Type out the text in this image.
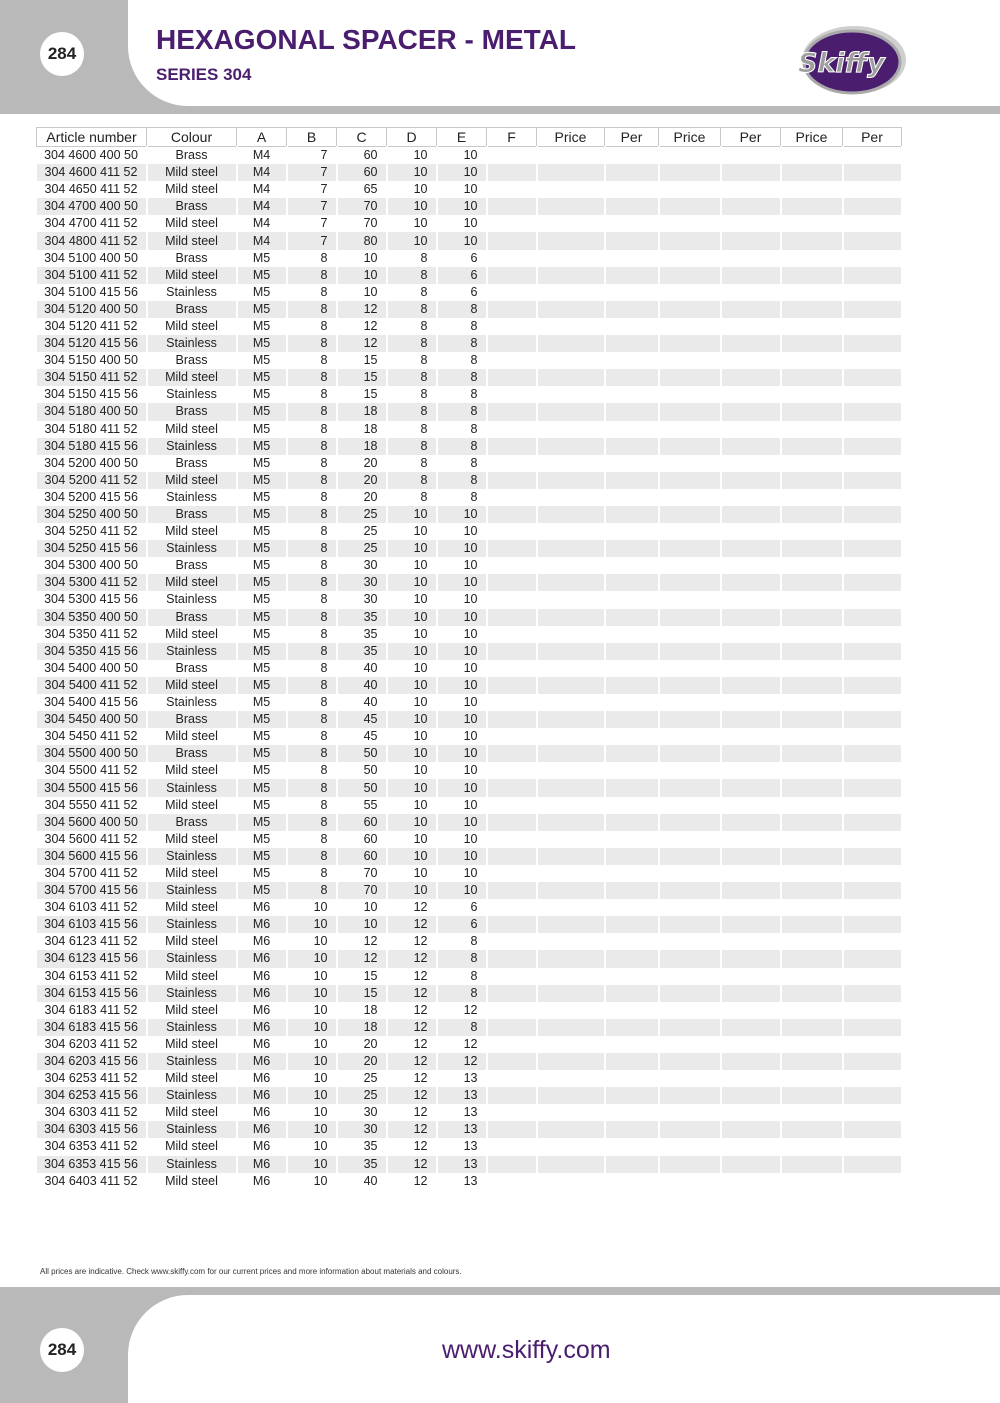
284	HEXAGONAL SPACER - METAL
SERIES 304	Skiffy
Article number	Colour	A	B	C	D	E	F	Price	Per	Price	Per	Price	Per
304 4600 400 50	Brass	M4	7	60	10	10							
304 4600 411 52	Mild steel	M4	7	60	10	10							
304 4650 411 52	Mild steel	M4	7	65	10	10							
304 4700 400 50	Brass	M4	7	70	10	10							
304 4700 411 52	Mild steel	M4	7	70	10	10							
304 4800 411 52	Mild steel	M4	7	80	10	10							
304 5100 400 50	Brass	M5	8	10	8	6							
304 5100 411 52	Mild steel	M5	8	10	8	6							
304 5100 415 56	Stainless	M5	8	10	8	6							
304 5120 400 50	Brass	M5	8	12	8	8							
304 5120 411 52	Mild steel	M5	8	12	8	8							
304 5120 415 56	Stainless	M5	8	12	8	8							
304 5150 400 50	Brass	M5	8	15	8	8							
304 5150 411 52	Mild steel	M5	8	15	8	8							
304 5150 415 56	Stainless	M5	8	15	8	8							
304 5180 400 50	Brass	M5	8	18	8	8							
304 5180 411 52	Mild steel	M5	8	18	8	8							
304 5180 415 56	Stainless	M5	8	18	8	8							
304 5200 400 50	Brass	M5	8	20	8	8							
304 5200 411 52	Mild steel	M5	8	20	8	8							
304 5200 415 56	Stainless	M5	8	20	8	8							
304 5250 400 50	Brass	M5	8	25	10	10							
304 5250 411 52	Mild steel	M5	8	25	10	10							
304 5250 415 56	Stainless	M5	8	25	10	10							
304 5300 400 50	Brass	M5	8	30	10	10							
304 5300 411 52	Mild steel	M5	8	30	10	10							
304 5300 415 56	Stainless	M5	8	30	10	10							
304 5350 400 50	Brass	M5	8	35	10	10							
304 5350 411 52	Mild steel	M5	8	35	10	10							
304 5350 415 56	Stainless	M5	8	35	10	10							
304 5400 400 50	Brass	M5	8	40	10	10							
304 5400 411 52	Mild steel	M5	8	40	10	10							
304 5400 415 56	Stainless	M5	8	40	10	10							
304 5450 400 50	Brass	M5	8	45	10	10							
304 5450 411 52	Mild steel	M5	8	45	10	10							
304 5500 400 50	Brass	M5	8	50	10	10							
304 5500 411 52	Mild steel	M5	8	50	10	10							
304 5500 415 56	Stainless	M5	8	50	10	10							
304 5550 411 52	Mild steel	M5	8	55	10	10							
304 5600 400 50	Brass	M5	8	60	10	10							
304 5600 411 52	Mild steel	M5	8	60	10	10							
304 5600 415 56	Stainless	M5	8	60	10	10							
304 5700 411 52	Mild steel	M5	8	70	10	10							
304 5700 415 56	Stainless	M5	8	70	10	10							
304 6103 411 52	Mild steel	M6	10	10	12	6							
304 6103 415 56	Stainless	M6	10	10	12	6							
304 6123 411 52	Mild steel	M6	10	12	12	8							
304 6123 415 56	Stainless	M6	10	12	12	8							
304 6153 411 52	Mild steel	M6	10	15	12	8							
304 6153 415 56	Stainless	M6	10	15	12	8							
304 6183 411 52	Mild steel	M6	10	18	12	12							
304 6183 415 56	Stainless	M6	10	18	12	8							
304 6203 411 52	Mild steel	M6	10	20	12	12							
304 6203 415 56	Stainless	M6	10	20	12	12							
304 6253 411 52	Mild steel	M6	10	25	12	13							
304 6253 415 56	Stainless	M6	10	25	12	13							
304 6303 411 52	Mild steel	M6	10	30	12	13							
304 6303 415 56	Stainless	M6	10	30	12	13							
304 6353 411 52	Mild steel	M6	10	35	12	13							
304 6353 415 56	Stainless	M6	10	35	12	13							
304 6403 411 52	Mild steel	M6	10	40	12	13							
All prices are indicative. Check www.skiffy.com for our current prices and more information about materials and colours.
284	www.skiffy.com
